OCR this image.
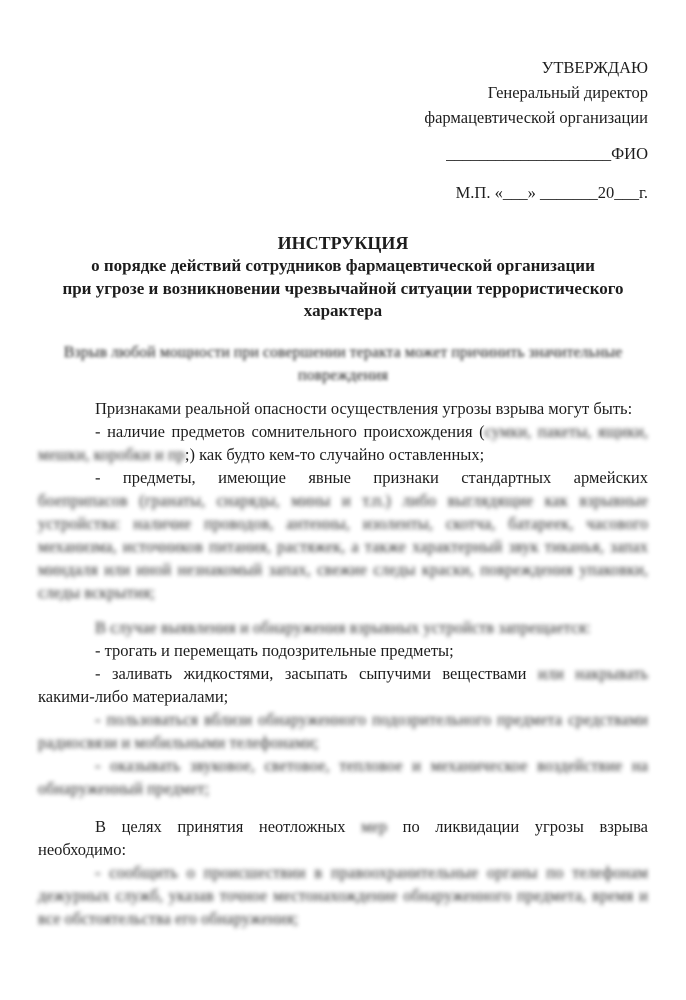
УТВЕРЖДАЮ
Генеральный директор
фармацевтической организации
____________________ФИО
М.П. «___» _______20___г.
ИНСТРУКЦИЯ
о порядке действий сотрудников фармацевтической организации
при угрозе и возникновении чрезвычайной ситуации террористического
характера
Взрыв любой мощности при совершении теракта может причинить значительные повреждения

Признаками реальной опасности осуществления угрозы взрыва могут быть:

- наличие предметов сомнительного происхождения (сумки, пакеты, ящики, мешки, коробки и пр;) как будто кем-то случайно оставленных;

- предметы, имеющие явные признаки стандартных армейских

боеприпасов (гранаты, снаряды, мины и т.п.) либо выглядящие как взрывные устройства: наличие проводов, антенны, изоленты, скотча, батареек, часового механизма, источников питания, растяжек, а также характерный звук тиканья, запах миндаля или иной незнакомый запах, свежие следы краски, повреждения упаковки, следы вскрытия;

В случае выявления и обнаружения взрывных устройств запрещается:

- трогать и перемещать подозрительные предметы;

- заливать жидкостями, засыпать сыпучими веществами или накрывать какими-либо материалами;

- пользоваться вблизи обнаруженного подозрительного предмета средствами радиосвязи и мобильными телефонами;

- оказывать звуковое, световое, тепловое и механическое воздействие на обнаруженный предмет;

В целях принятия неотложных мер по ликвидации угрозы взрыва необходимо:

- сообщить о происшествии в правоохранительные органы по телефонам дежурных служб, указав точное местонахождение обнаруженного предмета, время и все обстоятельства его обнаружения;
